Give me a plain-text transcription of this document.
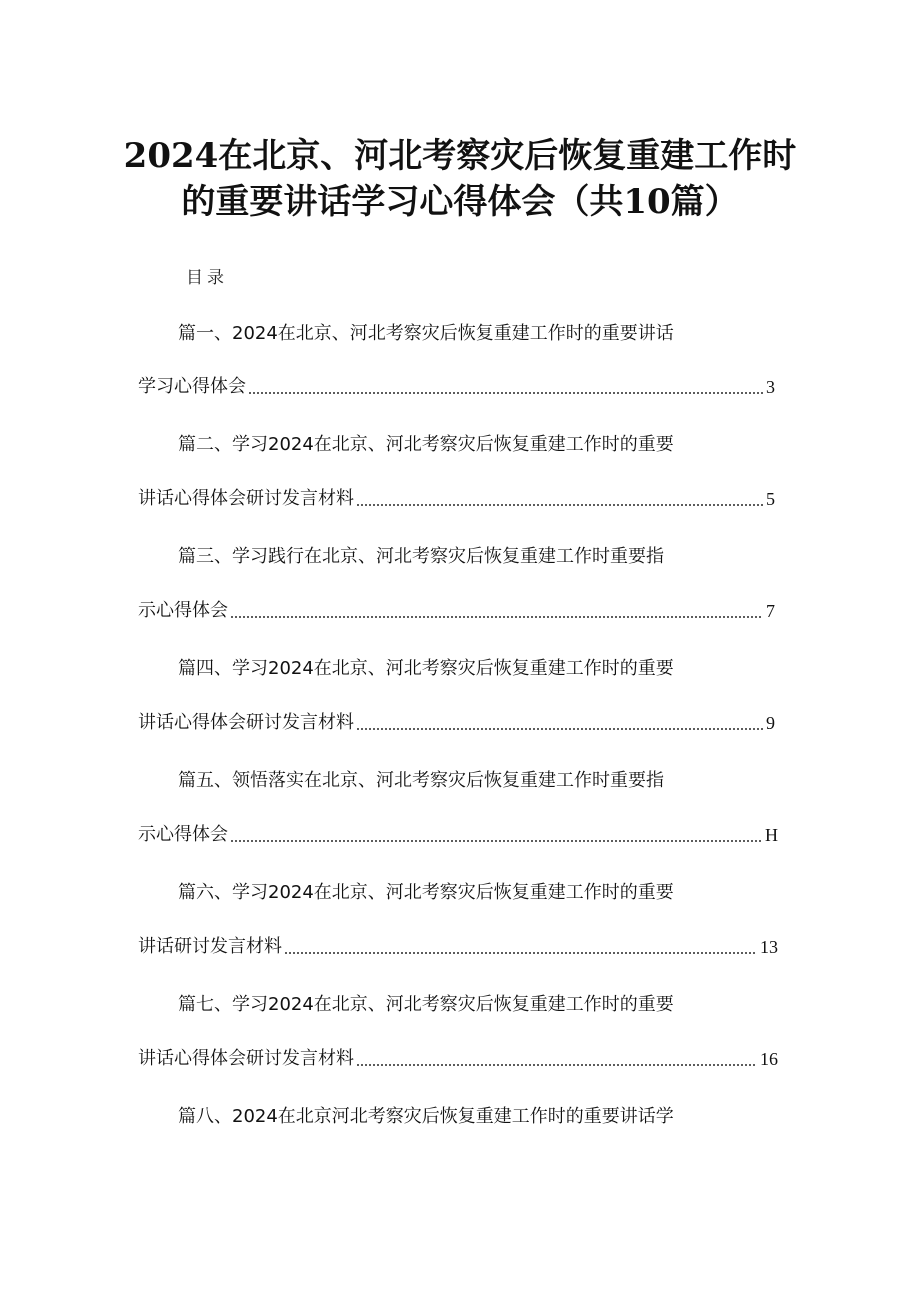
2024在北京、河北考察灾后恢复重建工作时
的重要讲话学习心得体会（共10篇）
目录
篇一、2024在北京、河北考察灾后恢复重建工作时的重要讲话
学习心得体会	3
篇二、学习2024在北京、河北考察灾后恢复重建工作时的重要
讲话心得体会研讨发言材料	5
篇三、学习践行在北京、河北考察灾后恢复重建工作时重要指
示心得体会	7
篇四、学习2024在北京、河北考察灾后恢复重建工作时的重要
讲话心得体会研讨发言材料	9
篇五、领悟落实在北京、河北考察灾后恢复重建工作时重要指
示心得体会	H
篇六、学习2024在北京、河北考察灾后恢复重建工作时的重要
讲话研讨发言材料	13
篇七、学习2024在北京、河北考察灾后恢复重建工作时的重要
讲话心得体会研讨发言材料	16
篇八、2024在北京河北考察灾后恢复重建工作时的重要讲话学
